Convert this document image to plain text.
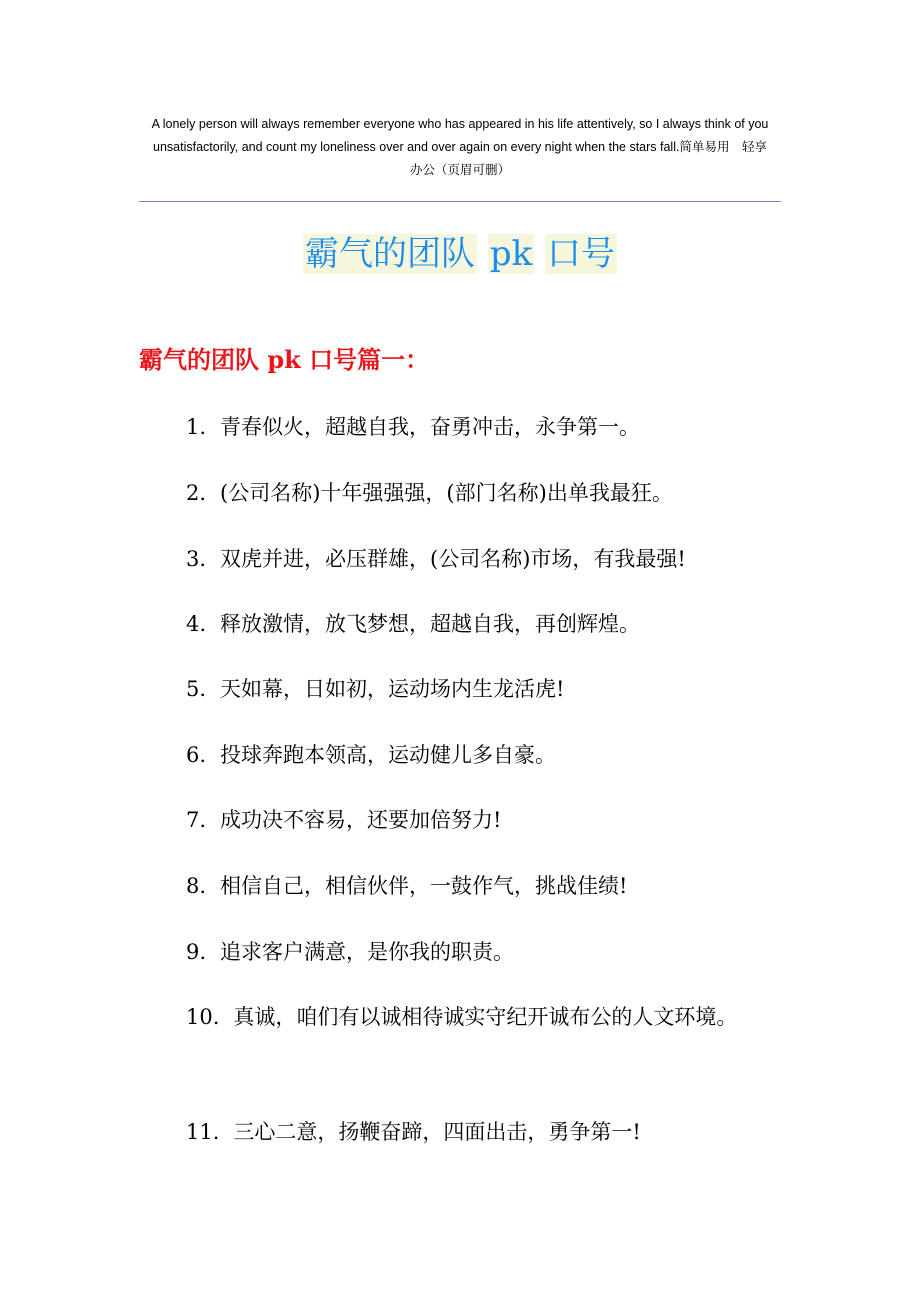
A lonely person will always remember everyone who has appeared in his life attentively, so I always think of you
unsatisfactorily, and count my loneliness over and over again on every night when the stars fall.简单易用　轻享
办公（页眉可删）
霸气的团队 pk 口号
霸气的团队 pk 口号篇一：
1. 青春似火，超越自我，奋勇冲击，永争第一。
2. (公司名称)十年强强强，(部门名称)出单我最狂。
3. 双虎并进，必压群雄，(公司名称)市场，有我最强!
4. 释放激情，放飞梦想，超越自我，再创辉煌。
5. 天如幕，日如初，运动场内生龙活虎!
6. 投球奔跑本领高，运动健儿多自豪。
7. 成功决不容易，还要加倍努力!
8. 相信自己，相信伙伴，一鼓作气，挑战佳绩!
9. 追求客户满意，是你我的职责。
10. 真诚，咱们有以诚相待诚实守纪开诚布公的人文环境。
11. 三心二意，扬鞭奋蹄，四面出击，勇争第一!
